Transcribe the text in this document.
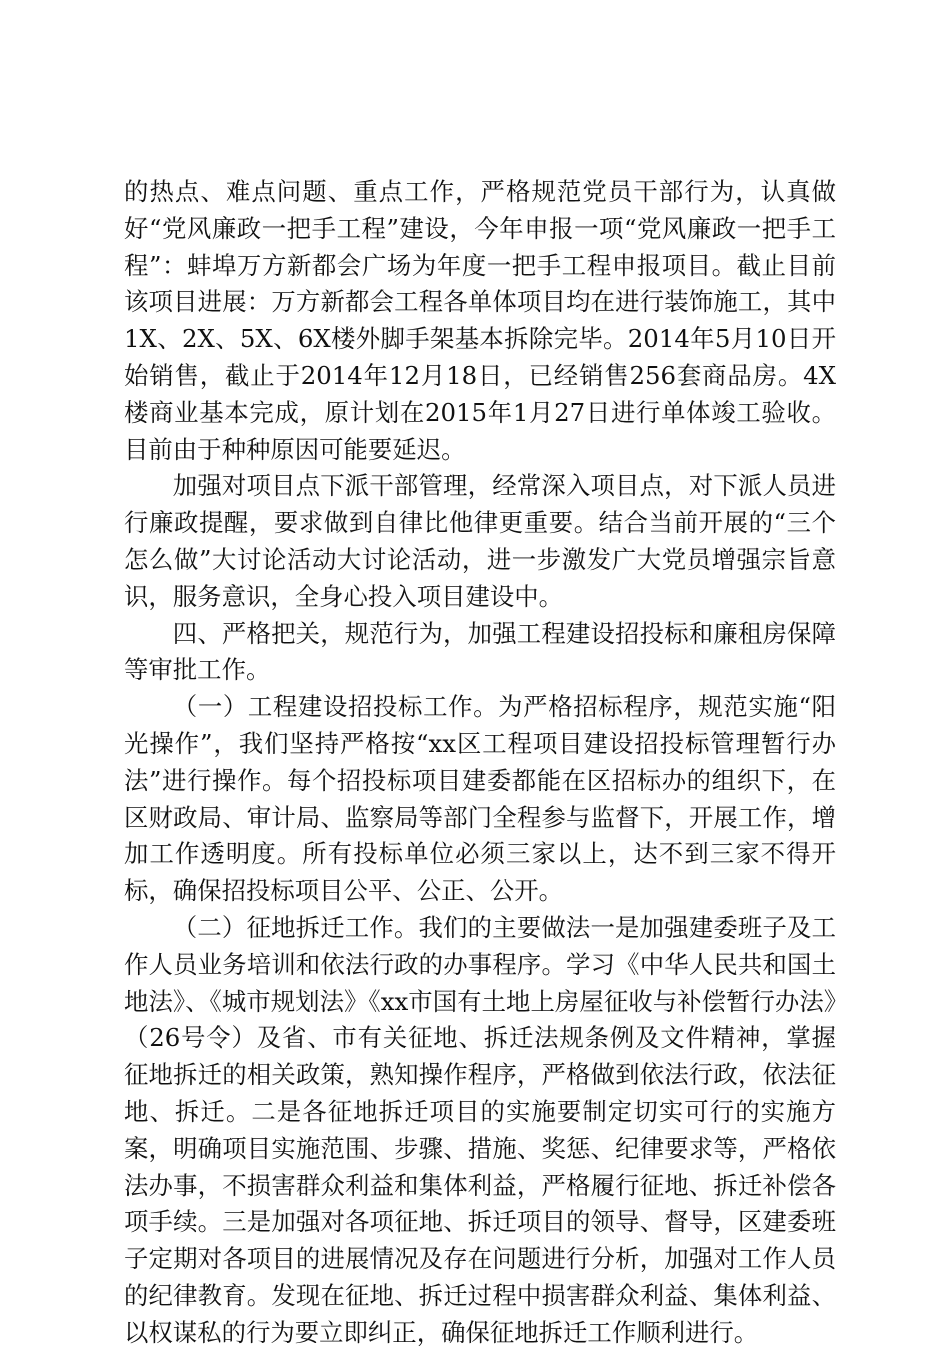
的热点、难点问题、重点工作，严格规范党员干部行为，认真做好“党风廉政一把手工程”建设，今年申报一项“党风廉政一把手工程”：蚌埠万方新都会广场为年度一把手工程申报项目。截止目前该项目进展：万方新都会工程各单体项目均在进行装饰施工，其中1X、2X、5X、6X楼外脚手架基本拆除完毕。2014年5月10日开始销售，截止于2014年12月18日，已经销售256套商品房。4X楼商业基本完成，原计划在2015年1月27日进行单体竣工验收。目前由于种种原因可能要延迟。

加强对项目点下派干部管理，经常深入项目点，对下派人员进行廉政提醒，要求做到自律比他律更重要。结合当前开展的“三个怎么做”大讨论活动大讨论活动，进一步激发广大党员增强宗旨意识，服务意识，全身心投入项目建设中。

四、严格把关，规范行为，加强工程建设招投标和廉租房保障等审批工作。

（一）工程建设招投标工作。为严格招标程序，规范实施“阳光操作”，我们坚持严格按“xx区工程项目建设招投标管理暂行办法”进行操作。每个招投标项目建委都能在区招标办的组织下，在区财政局、审计局、监察局等部门全程参与监督下，开展工作，增加工作透明度。所有投标单位必须三家以上，达不到三家不得开标，确保招投标项目公平、公正、公开。

（二）征地拆迁工作。我们的主要做法一是加强建委班子及工作人员业务培训和依法行政的办事程序。学习《中华人民共和国土地法》、《城市规划法》《xx市国有土地上房屋征收与补偿暂行办法》（26号令）及省、市有关征地、拆迁法规条例及文件精神，掌握征地拆迁的相关政策，熟知操作程序，严格做到依法行政，依法征地、拆迁。二是各征地拆迁项目的实施要制定切实可行的实施方案，明确项目实施范围、步骤、措施、奖惩、纪律要求等，严格依法办事，不损害群众利益和集体利益，严格履行征地、拆迁补偿各项手续。三是加强对各项征地、拆迁项目的领导、督导，区建委班子定期对各项目的进展情况及存在问题进行分析，加强对工作人员的纪律教育。发现在征地、拆迁过程中损害群众利益、集体利益、以权谋私的行为要立即纠正，确保征地拆迁工作顺利进行。
